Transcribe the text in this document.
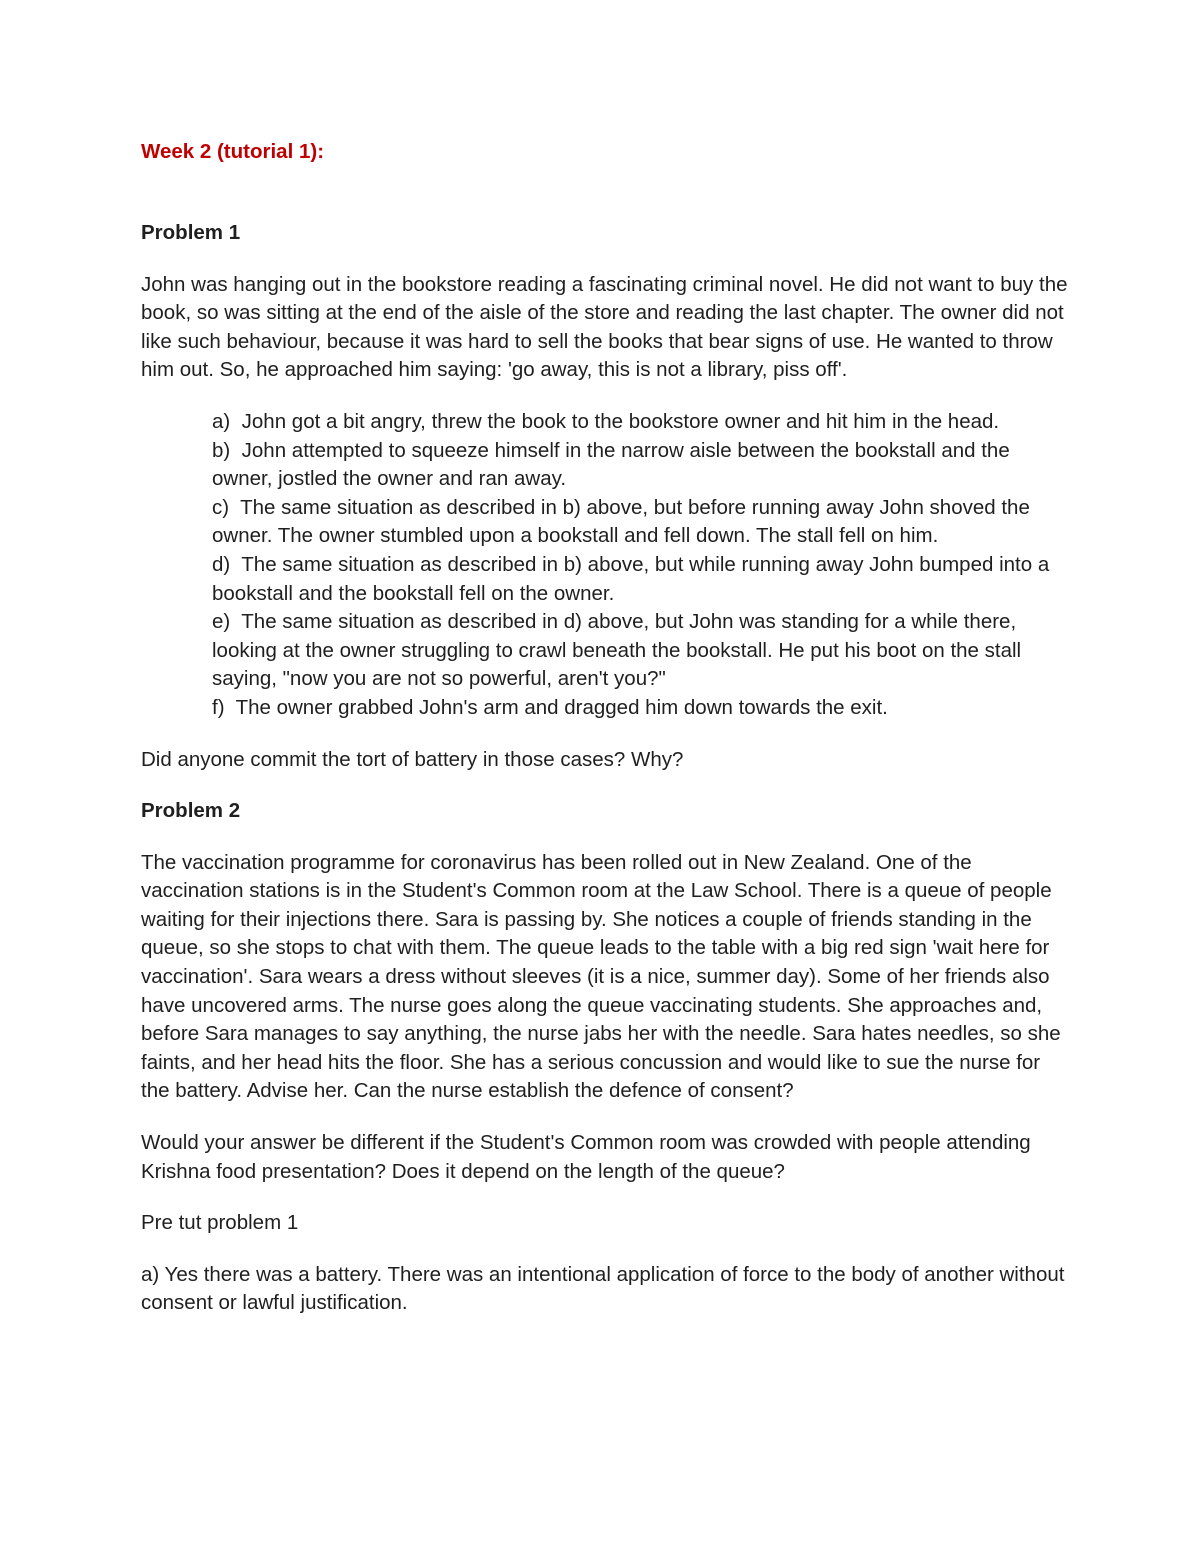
Week 2 (tutorial 1):

Problem 1

John was hanging out in the bookstore reading a fascinating criminal novel. He did not want to buy the book, so was sitting at the end of the aisle of the store and reading the last chapter. The owner did not like such behaviour, because it was hard to sell the books that bear signs of use. He wanted to throw him out. So, he approached him saying: 'go away, this is not a library, piss off'.

a) John got a bit angry, threw the book to the bookstore owner and hit him in the head.
b) John attempted to squeeze himself in the narrow aisle between the bookstall and the owner, jostled the owner and ran away.
c) The same situation as described in b) above, but before running away John shoved the owner. The owner stumbled upon a bookstall and fell down. The stall fell on him.
d) The same situation as described in b) above, but while running away John bumped into a bookstall and the bookstall fell on the owner.
e) The same situation as described in d) above, but John was standing for a while there, looking at the owner struggling to crawl beneath the bookstall. He put his boot on the stall saying, "now you are not so powerful, aren't you?"
f) The owner grabbed John's arm and dragged him down towards the exit.

Did anyone commit the tort of battery in those cases? Why?

Problem 2

The vaccination programme for coronavirus has been rolled out in New Zealand. One of the vaccination stations is in the Student's Common room at the Law School. There is a queue of people waiting for their injections there. Sara is passing by. She notices a couple of friends standing in the queue, so she stops to chat with them. The queue leads to the table with a big red sign 'wait here for vaccination'. Sara wears a dress without sleeves (it is a nice, summer day). Some of her friends also have uncovered arms. The nurse goes along the queue vaccinating students. She approaches and, before Sara manages to say anything, the nurse jabs her with the needle. Sara hates needles, so she faints, and her head hits the floor. She has a serious concussion and would like to sue the nurse for the battery. Advise her. Can the nurse establish the defence of consent?

Would your answer be different if the Student's Common room was crowded with people attending Krishna food presentation? Does it depend on the length of the queue?

Pre tut problem 1

a) Yes there was a battery. There was an intentional application of force to the body of another without consent or lawful justification.
